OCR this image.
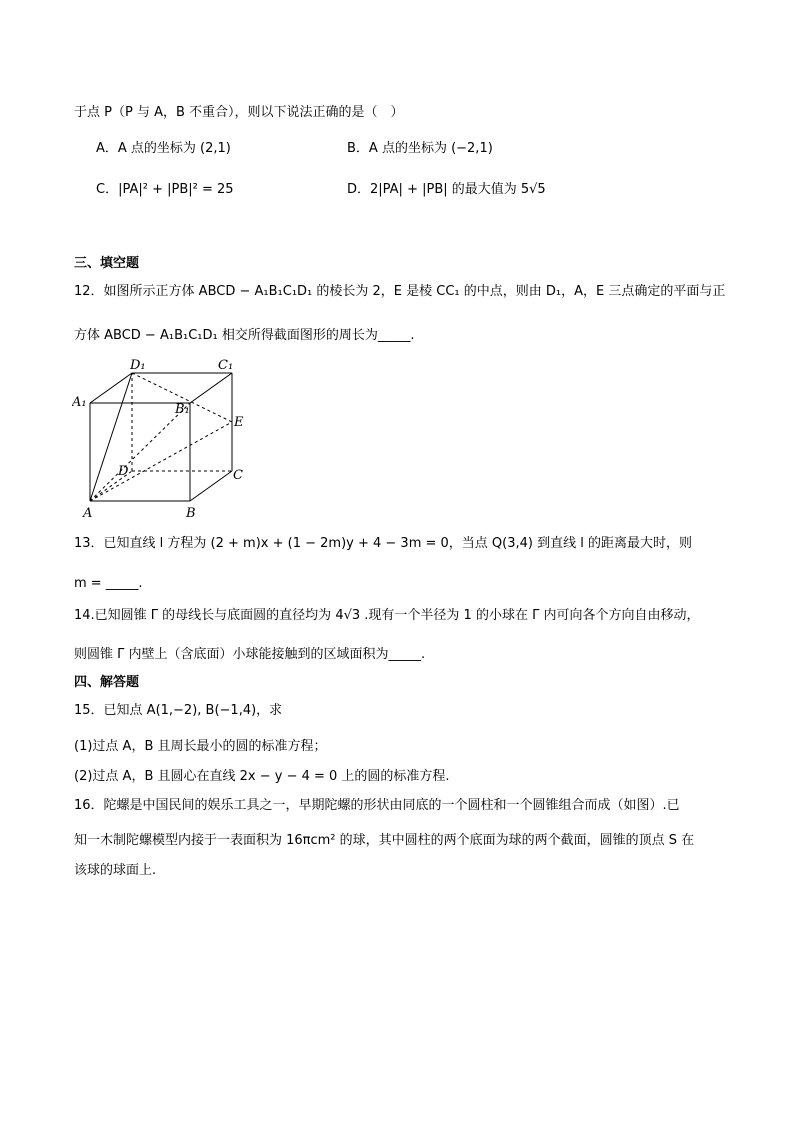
于点 P（P 与 A，B 不重合），则以下说法正确的是（　）
A．A 点的坐标为 (2,1)	B．A 点的坐标为 (−2,1)
C．|PA|² + |PB|² = 25	D．2|PA| + |PB| 的最大值为 5√5
三、填空题
12．如图所示正方体 ABCD − A₁B₁C₁D₁ 的棱长为 2，E 是棱 CC₁ 的中点，则由 D₁，A，E 三点确定的平面与正
方体 ABCD − A₁B₁C₁D₁ 相交所得截面图形的周长为_____.
D₁	C₁
A₁	B₁
E
D	C
A	B
13．已知直线 l 方程为 (2 + m)x + (1 − 2m)y + 4 − 3m = 0，当点 Q(3,4) 到直线 l 的距离最大时，则
m = _____.
14.已知圆锥 Γ 的母线长与底面圆的直径均为 4√3 .现有一个半径为 1 的小球在 Γ 内可向各个方向自由移动，
则圆锥 Γ 内壁上（含底面）小球能接触到的区域面积为_____.
四、解答题
15．已知点 A(1,−2), B(−1,4)，求
(1)过点 A，B 且周长最小的圆的标准方程；
(2)过点 A，B 且圆心在直线 2x − y − 4 = 0 上的圆的标准方程.
16．陀螺是中国民间的娱乐工具之一，早期陀螺的形状由同底的一个圆柱和一个圆锥组合而成（如图）.已
知一木制陀螺模型内接于一表面积为 16πcm² 的球，其中圆柱的两个底面为球的两个截面，圆锥的顶点 S 在
该球的球面上.
